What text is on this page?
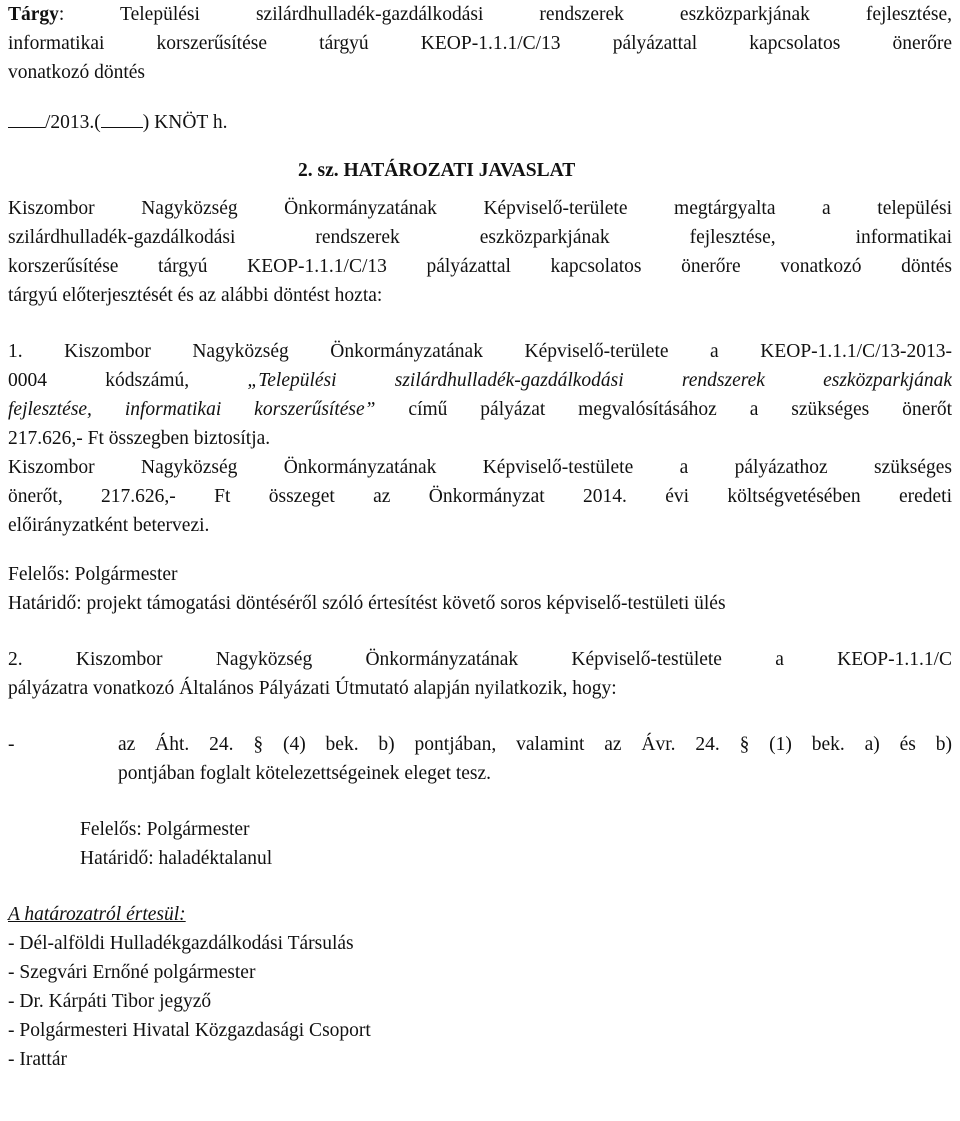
Tárgy: Települési szilárdhulladék-gazdálkodási rendszerek eszközparkjának fejlesztése,
informatikai korszerűsítése tárgyú KEOP-1.1.1/C/13 pályázattal kapcsolatos önerőre
vonatkozó döntés
/2013.( ) KNÖT h.
2. sz. HATÁROZATI JAVASLAT
Kiszombor Nagyközség Önkormányzatának Képviselő-területe megtárgyalta a települési
szilárdhulladék-gazdálkodási rendszerek eszközparkjának fejlesztése, informatikai
korszerűsítése tárgyú KEOP-1.1.1/C/13 pályázattal kapcsolatos önerőre vonatkozó döntés
tárgyú előterjesztését és az alábbi döntést hozta:
1. Kiszombor Nagyközség Önkormányzatának Képviselő-területe a KEOP-1.1.1/C/13-2013-
0004 kódszámú, „Települési szilárdhulladék-gazdálkodási rendszerek eszközparkjának
fejlesztése, informatikai korszerűsítése” című pályázat megvalósításához a szükséges önerőt
217.626,- Ft összegben biztosítja.
Kiszombor Nagyközség Önkormányzatának Képviselő-testülete a pályázathoz szükséges
önerőt, 217.626,- Ft összeget az Önkormányzat 2014. évi költségvetésében eredeti
előirányzatként betervezi.
Felelős: Polgármester
Határidő: projekt támogatási döntéséről szóló értesítést követő soros képviselő-testületi ülés
2. Kiszombor Nagyközség Önkormányzatának Képviselő-testülete a KEOP-1.1.1/C
pályázatra vonatkozó Általános Pályázati Útmutató alapján nyilatkozik, hogy:
-	az Áht. 24. § (4) bek. b) pontjában, valamint az Ávr. 24. § (1) bek. a) és b)
pontjában foglalt kötelezettségeinek eleget tesz.
Felelős: Polgármester
Határidő: haladéktalanul
A határozatról értesül:
- Dél-alföldi Hulladékgazdálkodási Társulás
- Szegvári Ernőné polgármester
- Dr. Kárpáti Tibor jegyző
- Polgármesteri Hivatal Közgazdasági Csoport
- Irattár
